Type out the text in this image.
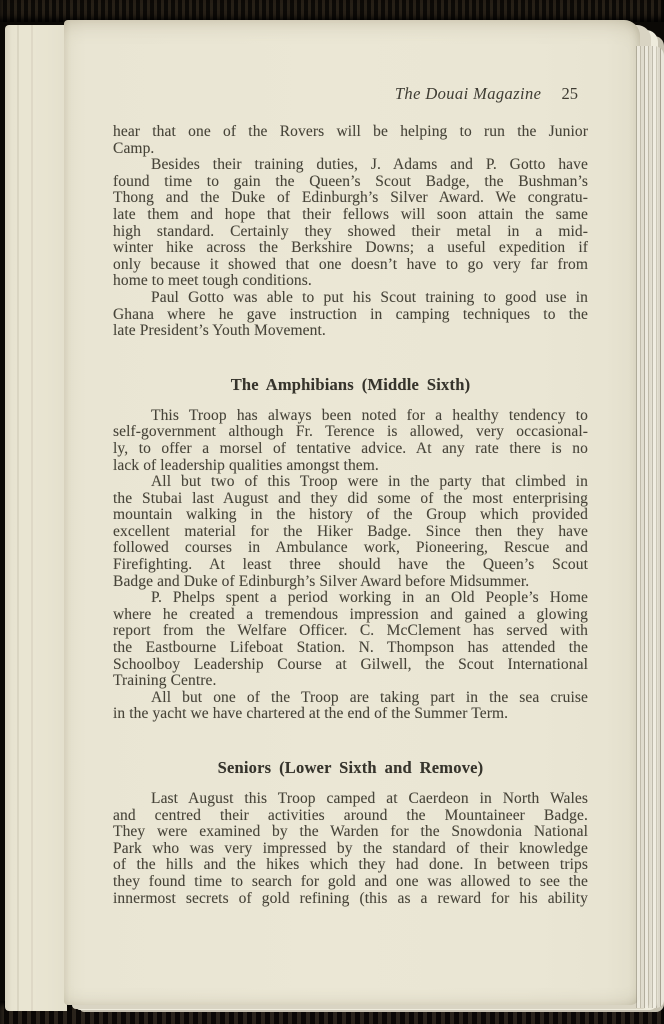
The Douai Magazine 25
hear that one of the Rovers will be helping to run the Junior
Camp.
Besides their training duties, J. Adams and P. Gotto have
found time to gain the Queen’s Scout Badge, the Bushman’s
Thong and the Duke of Edinburgh’s Silver Award. We congratu-
late them and hope that their fellows will soon attain the same
high standard. Certainly they showed their metal in a mid-
winter hike across the Berkshire Downs; a useful expedition if
only because it showed that one doesn’t have to go very far from
home to meet tough conditions.
Paul Gotto was able to put his Scout training to good use in
Ghana where he gave instruction in camping techniques to the
late President’s Youth Movement.
The Amphibians (Middle Sixth)
This Troop has always been noted for a healthy tendency to
self-government although Fr. Terence is allowed, very occasional-
ly, to offer a morsel of tentative advice. At any rate there is no
lack of leadership qualities amongst them.
All but two of this Troop were in the party that climbed in
the Stubai last August and they did some of the most enterprising
mountain walking in the history of the Group which provided
excellent material for the Hiker Badge. Since then they have
followed courses in Ambulance work, Pioneering, Rescue and
Firefighting. At least three should have the Queen’s Scout
Badge and Duke of Edinburgh’s Silver Award before Midsummer.
P. Phelps spent a period working in an Old People’s Home
where he created a tremendous impression and gained a glowing
report from the Welfare Officer. C. McClement has served with
the Eastbourne Lifeboat Station. N. Thompson has attended the
Schoolboy Leadership Course at Gilwell, the Scout International
Training Centre.
All but one of the Troop are taking part in the sea cruise
in the yacht we have chartered at the end of the Summer Term.
Seniors (Lower Sixth and Remove)
Last August this Troop camped at Caerdeon in North Wales
and centred their activities around the Mountaineer Badge.
They were examined by the Warden for the Snowdonia National
Park who was very impressed by the standard of their knowledge
of the hills and the hikes which they had done. In between trips
they found time to search for gold and one was allowed to see the
innermost secrets of gold refining (this as a reward for his ability
